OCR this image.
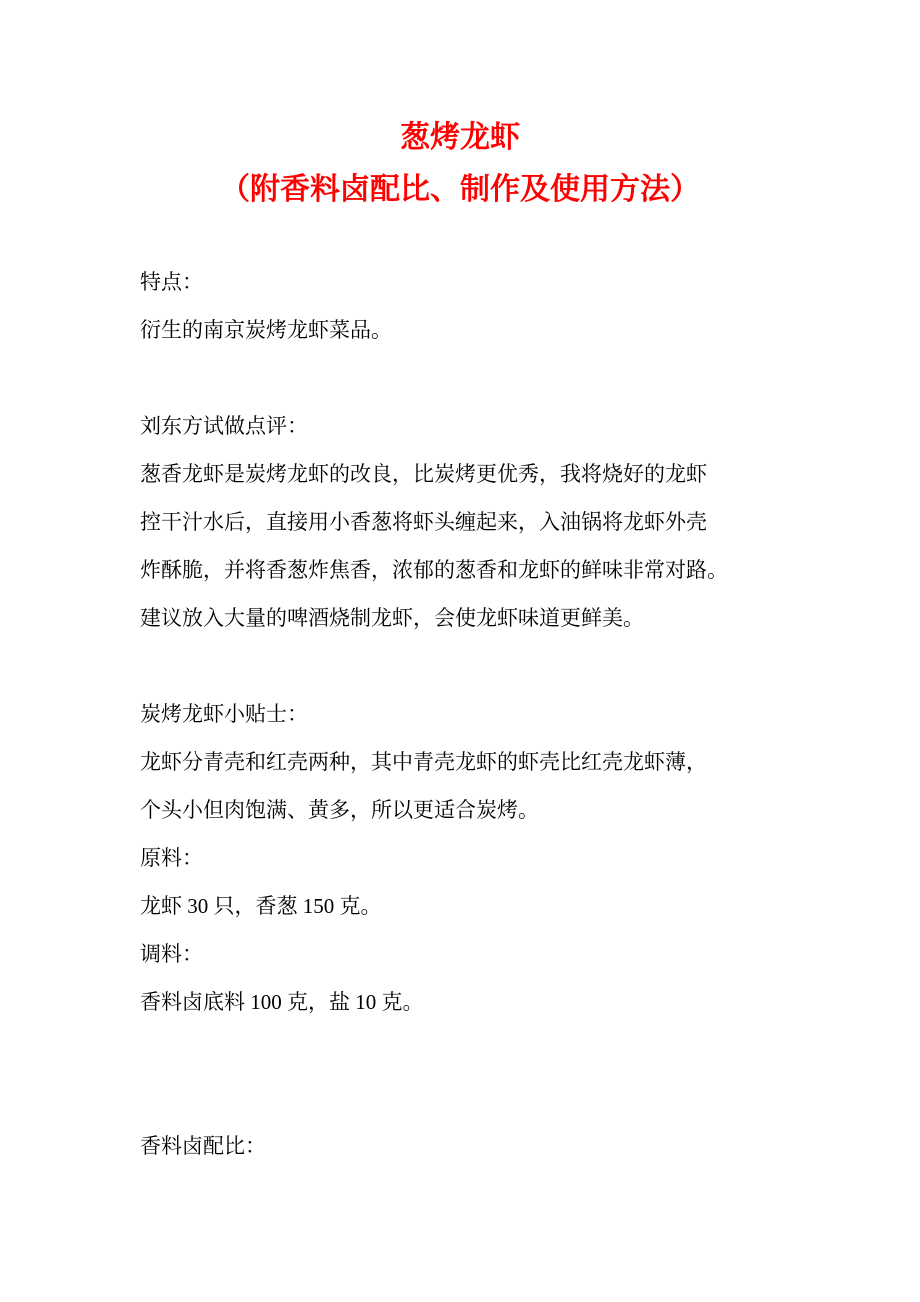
葱烤龙虾
（附香料卤配比、制作及使用方法）
特点：
衍生的南京炭烤龙虾菜品。
刘东方试做点评：
葱香龙虾是炭烤龙虾的改良，比炭烤更优秀，我将烧好的龙虾
控干汁水后，直接用小香葱将虾头缠起来，入油锅将龙虾外壳
炸酥脆，并将香葱炸焦香，浓郁的葱香和龙虾的鲜味非常对路。
建议放入大量的啤酒烧制龙虾，会使龙虾味道更鲜美。
炭烤龙虾小贴士：
龙虾分青壳和红壳两种，其中青壳龙虾的虾壳比红壳龙虾薄，
个头小但肉饱满、黄多，所以更适合炭烤。
原料：
龙虾 30 只，香葱 150 克。
调料：
香料卤底料 100 克，盐 10 克。
香料卤配比：
